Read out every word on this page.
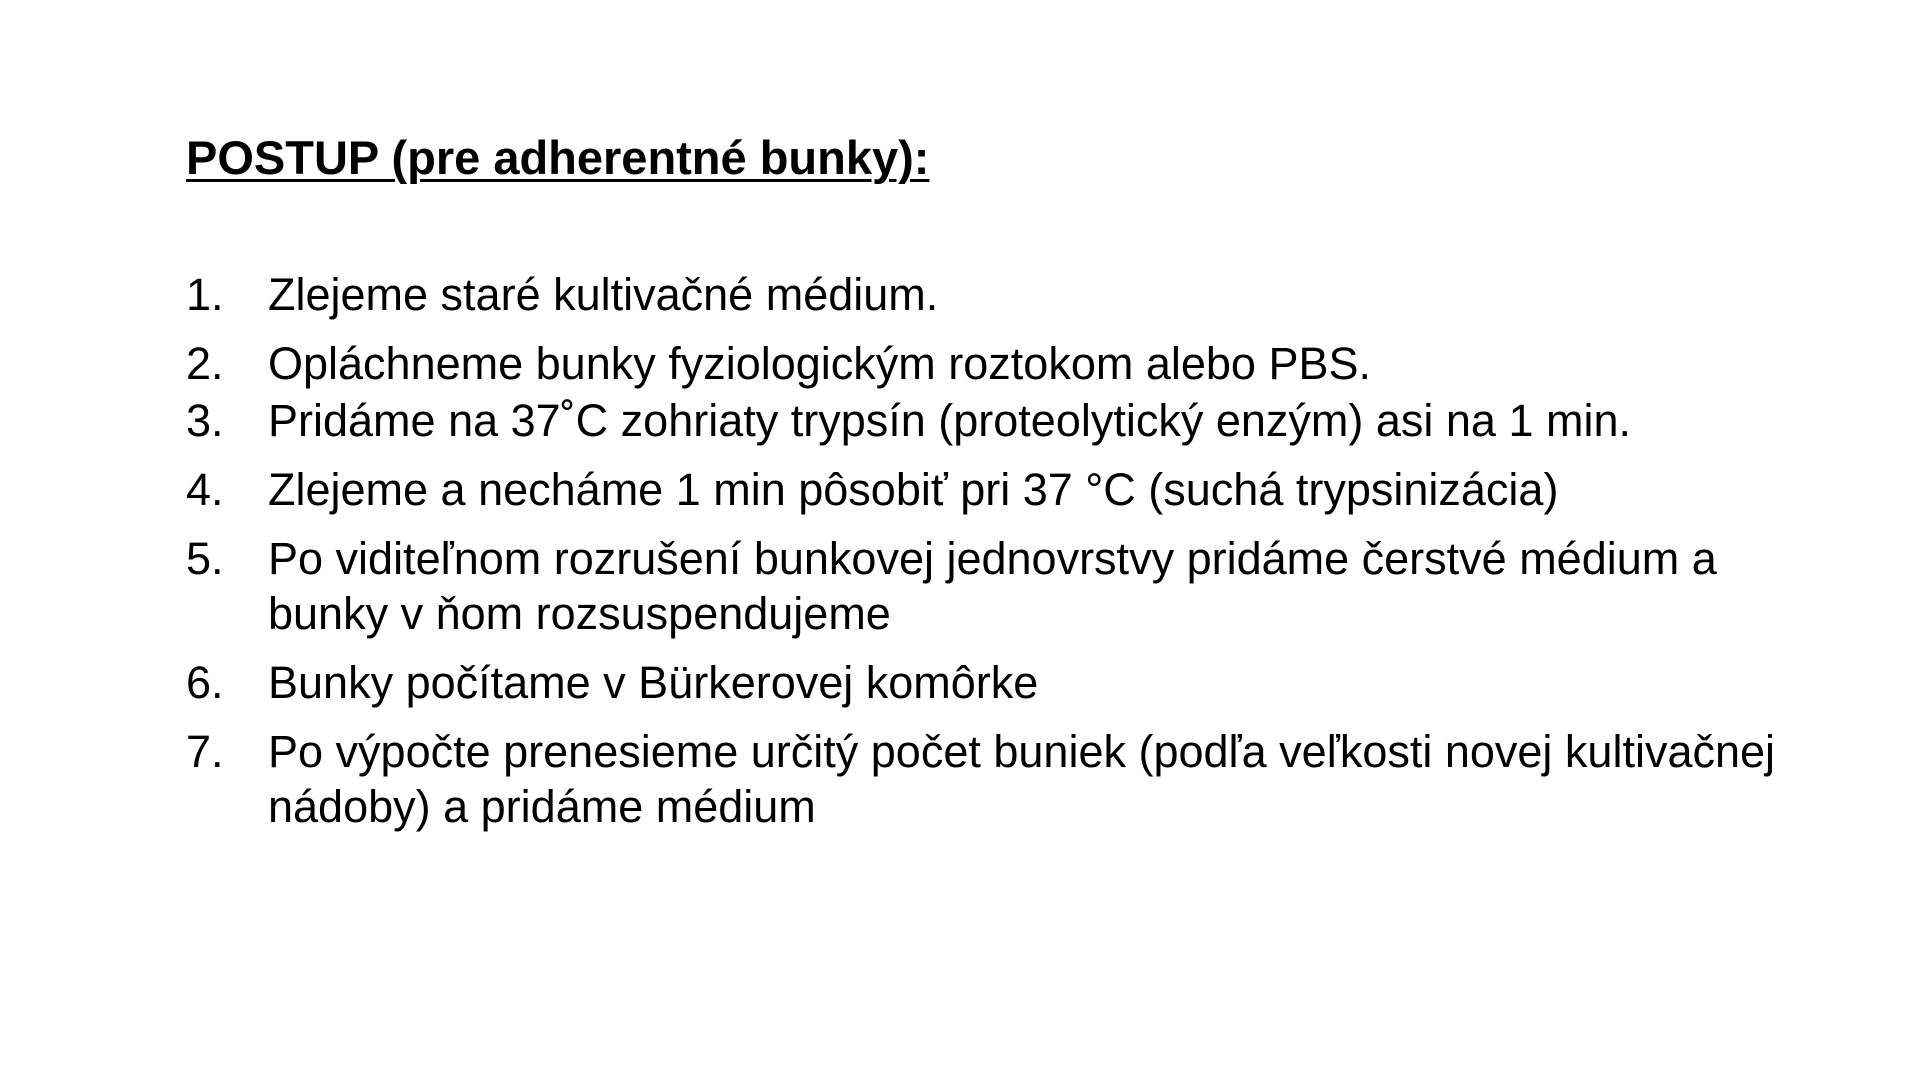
POSTUP (pre adherentné bunky):
1. Zlejeme staré kultivačné médium.
2. Opláchneme bunky fyziologickým roztokom alebo PBS.
3. Pridáme na 37˚C zohriaty trypsín (proteolytický enzým) asi na 1 min.
4. Zlejeme a necháme 1 min pôsobiť pri 37 °C (suchá trypsinizácia)
5. Po viditeľnom rozrušení bunkovej jednovrstvy pridáme čerstvé médium a bunky v ňom rozsuspendujeme
6. Bunky počítame v Bürkerovej komôrke
7. Po výpočte prenesieme určitý počet buniek (podľa veľkosti novej kultivačnej nádoby) a pridáme médium
